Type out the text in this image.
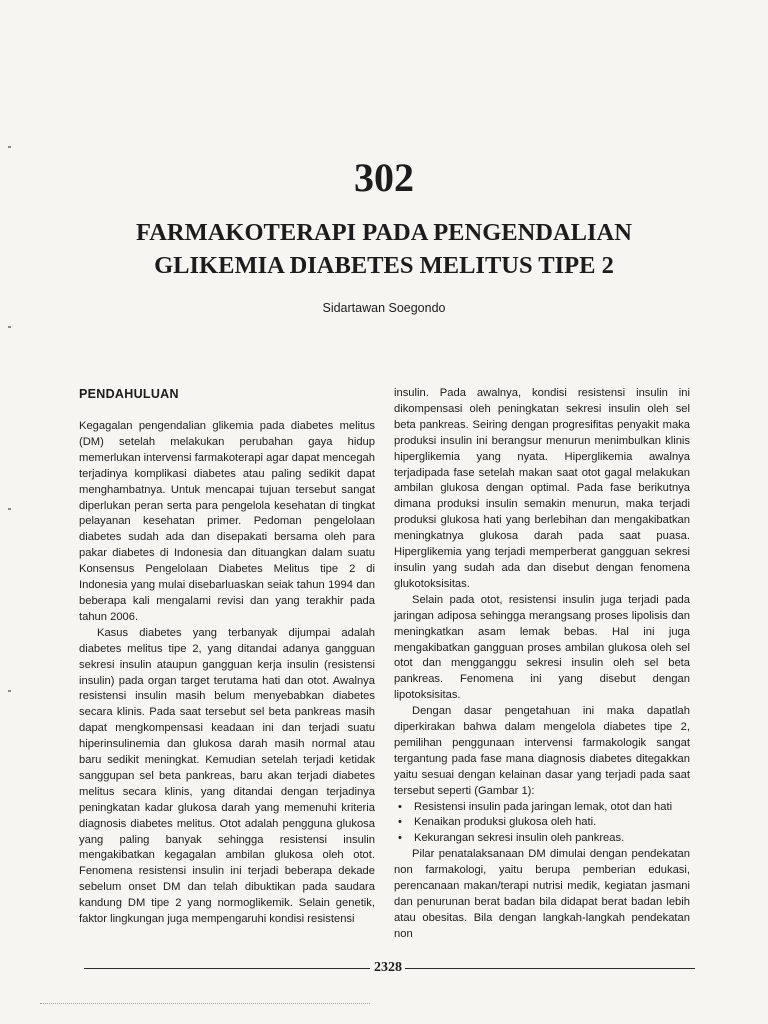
302
FARMAKOTERAPI PADA PENGENDALIAN
GLIKEMIA DIABETES MELITUS TIPE 2
Sidartawan Soegondo
PENDAHULUAN

Kegagalan pengendalian glikemia pada diabetes melitus (DM) setelah melakukan perubahan gaya hidup memerlukan intervensi farmakoterapi agar dapat mencegah terjadinya komplikasi diabetes atau paling sedikit dapat menghambatnya. Untuk mencapai tujuan tersebut sangat diperlukan peran serta para pengelola kesehatan di tingkat pelayanan kesehatan primer. Pedoman pengelolaan diabetes sudah ada dan disepakati bersama oleh para pakar diabetes di Indonesia dan dituangkan dalam suatu Konsensus Pengelolaan Diabetes Melitus tipe 2 di Indonesia yang mulai disebarluaskan seiak tahun 1994 dan beberapa kali mengalami revisi dan yang terakhir pada tahun 2006.

Kasus diabetes yang terbanyak dijumpai adalah diabetes melitus tipe 2, yang ditandai adanya gangguan sekresi insulin ataupun gangguan kerja insulin (resistensi insulin) pada organ target terutama hati dan otot. Awalnya resistensi insulin masih belum menyebabkan diabetes secara klinis. Pada saat tersebut sel beta pankreas masih dapat mengkompensasi keadaan ini dan terjadi suatu hiperinsulinemia dan glukosa darah masih normal atau baru sedikit meningkat. Kemudian setelah terjadi ketidak sanggupan sel beta pankreas, baru akan terjadi diabetes melitus secara klinis, yang ditandai dengan terjadinya peningkatan kadar glukosa darah yang memenuhi kriteria diagnosis diabetes melitus. Otot adalah pengguna glukosa yang paling banyak sehingga resistensi insulin mengakibatkan kegagalan ambilan glukosa oleh otot. Fenomena resistensi insulin ini terjadi beberapa dekade sebelum onset DM dan telah dibuktikan pada saudara kandung DM tipe 2 yang normoglikemik. Selain genetik, faktor lingkungan juga mempengaruhi kondisi resistensi

insulin. Pada awalnya, kondisi resistensi insulin ini dikompensasi oleh peningkatan sekresi insulin oleh sel beta pankreas. Seiring dengan progresifitas penyakit maka produksi insulin ini berangsur menurun menimbulkan klinis hiperglikemia yang nyata. Hiperglikemia awalnya terjadipada fase setelah makan saat otot gagal melakukan ambilan glukosa dengan optimal. Pada fase berikutnya dimana produksi insulin semakin menurun, maka terjadi produksi glukosa hati yang berlebihan dan mengakibatkan meningkatnya glukosa darah pada saat puasa. Hiperglikemia yang terjadi memperberat gangguan sekresi insulin yang sudah ada dan disebut dengan fenomena glukotoksisitas.

Selain pada otot, resistensi insulin juga terjadi pada jaringan adiposa sehingga merangsang proses lipolisis dan meningkatkan asam lemak bebas. Hal ini juga mengakibatkan gangguan proses ambilan glukosa oleh sel otot dan mengganggu sekresi insulin oleh sel beta pankreas. Fenomena ini yang disebut dengan lipotoksisitas.

Dengan dasar pengetahuan ini maka dapatlah diperkirakan bahwa dalam mengelola diabetes tipe 2, pemilihan penggunaan intervensi farmakologik sangat tergantung pada fase mana diagnosis diabetes ditegakkan yaitu sesuai dengan kelainan dasar yang terjadi pada saat tersebut seperti (Gambar 1):

• Resistensi insulin pada jaringan lemak, otot dan hati
• Kenaikan produksi glukosa oleh hati.
• Kekurangan sekresi insulin oleh pankreas.

Pilar penatalaksanaan DM dimulai dengan pendekatan non farmakologi, yaitu berupa pemberian edukasi, perencanaan makan/terapi nutrisi medik, kegiatan jasmani dan penurunan berat badan bila didapat berat badan lebih atau obesitas. Bila dengan langkah-langkah pendekatan non

2328
